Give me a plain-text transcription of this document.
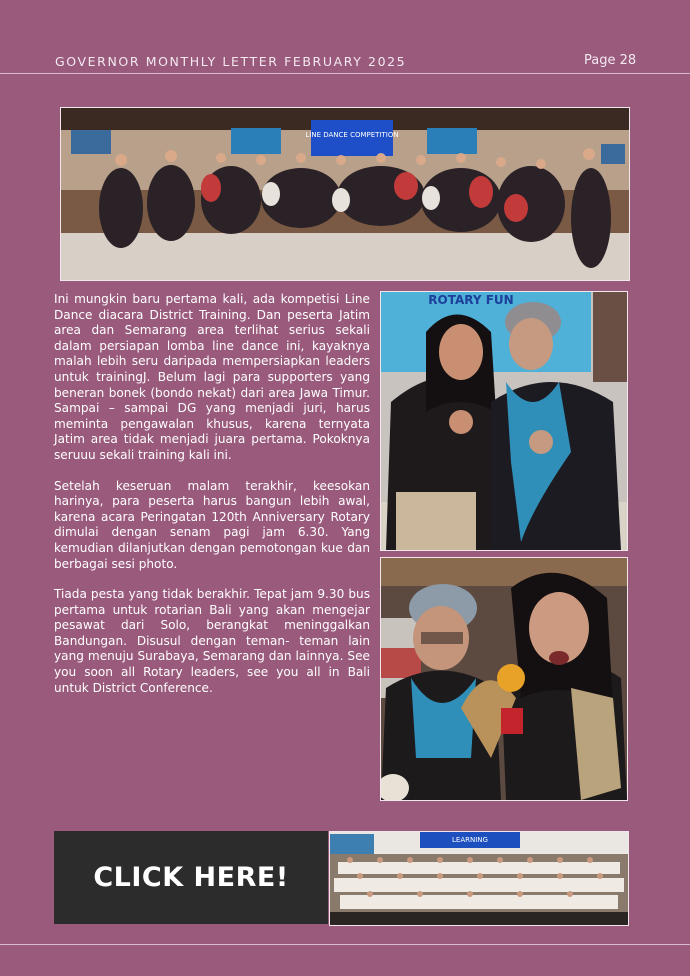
GOVERNOR MONTHLY LETTER FEBRUARY 2025	Page 28
LINE DANCE COMPETITION
ROTARY FUN

Ini mungkin baru pertama kali, ada kompetisi Line Dance diacara District Training. Dan peserta Jatim area dan Semarang area terlihat serius sekali dalam persiapan lomba line dance ini, kayaknya malah lebih seru daripada mempersiapkan leaders untuk trainingJ. Belum lagi para supporters yang beneran bonek (bondo nekat) dari area Jawa Timur. Sampai – sampai DG yang menjadi juri, harus meminta pengawalan khusus, karena ternyata Jatim area tidak menjadi juara pertama. Pokoknya seruuu sekali training kali ini.

Setelah keseruan malam terakhir, keesokan harinya, para peserta harus bangun lebih awal, karena acara Peringatan 120th Anniversary Rotary dimulai dengan senam pagi jam 6.30. Yang kemudian dilanjutkan dengan pemotongan kue dan berbagai sesi photo.

Tiada pesta yang tidak berakhir. Tepat jam 9.30 bus pertama untuk rotarian Bali yang akan mengejar pesawat dari Solo, berangkat meninggalkan Bandungan. Disusul dengan teman- teman lain yang menuju Surabaya, Semarang dan lainnya. See you soon all Rotary leaders, see you all in Bali untuk District Conference.

CLICK HERE!
LEARNING
